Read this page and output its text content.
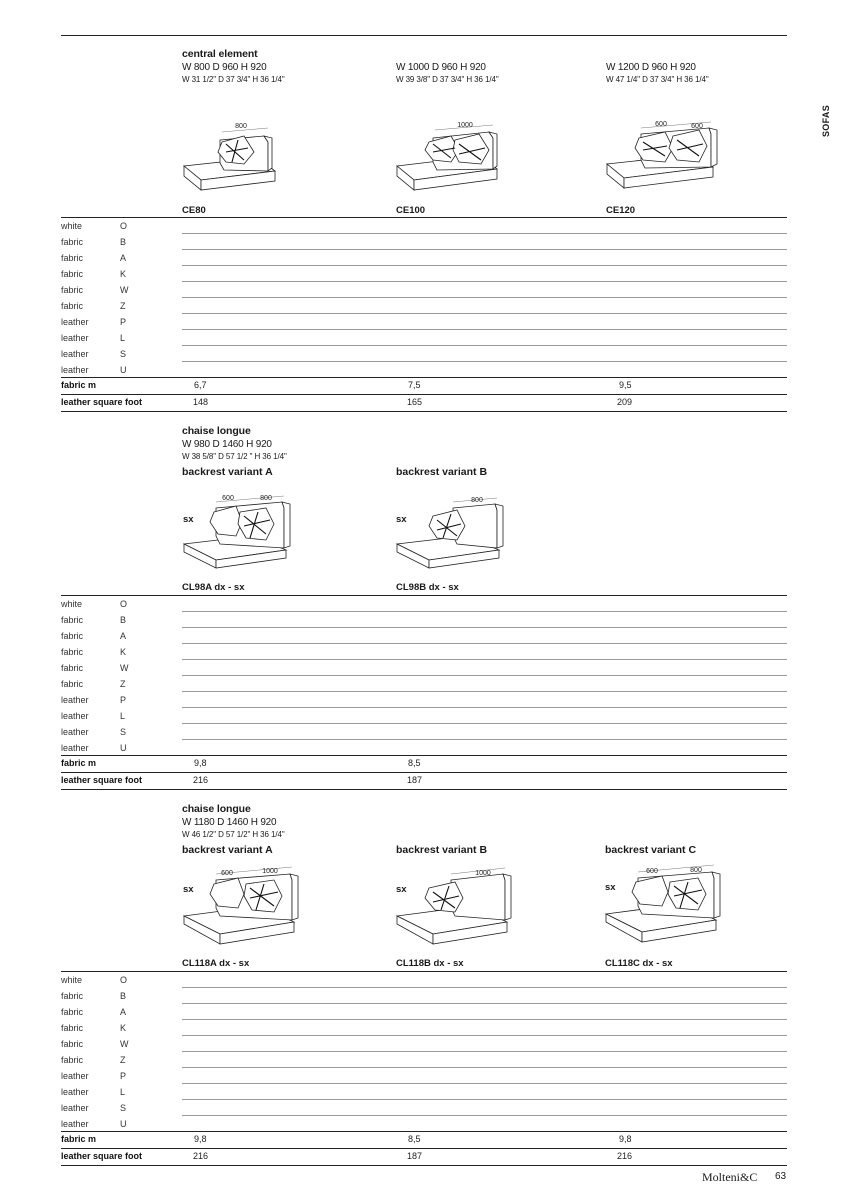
SOFAS
central element
W 800 D 960 H 920
W 31 1/2" D 37 3/4" H 36 1/4"
W 1000 D 960 H 920
W 39 3/8" D 37 3/4" H 36 1/4"
W 1200 D 960 H 920
W 47 1/4" D 37 3/4" H 36 1/4"
800	1000	600	600
CE80	CE100	CE120
white	O
fabric	B
fabric	A
fabric	K
fabric	W
fabric	Z
leather	P
leather	L
leather	S
leather	U
fabric m	6,7	7,5	9,5
leather square foot	148	165	209
chaise longue
W 980 D 1460 H 920
W 38 5/8" D 57 1/2 " H 36 1/4"
backrest variant A	backrest variant B
sx	sx
600	800	800
CL98A dx - sx	CL98B dx - sx
white	O
fabric	B
fabric	A
fabric	K
fabric	W
fabric	Z
leather	P
leather	L
leather	S
leather	U
fabric m	9,8	8,5
leather square foot	216	187
chaise longue
W 1180 D 1460 H 920
W 46 1/2" D 57 1/2" H 36 1/4"
backrest variant A	backrest variant B	backrest variant C
sx	sx	sx
600	1000	1000	600	800
CL118A dx - sx	CL118B dx - sx	CL118C dx - sx
white	O
fabric	B
fabric	A
fabric	K
fabric	W
fabric	Z
leather	P
leather	L
leather	S
leather	U
fabric m	9,8	8,5	9,8
leather square foot	216	187	216
Molteni&C 63
